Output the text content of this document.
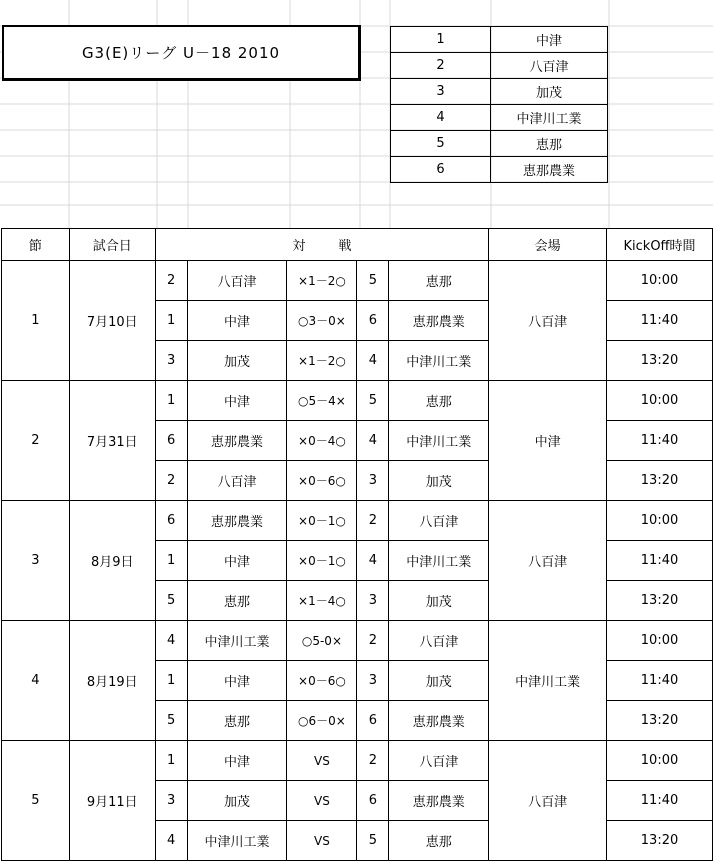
G3(E)リーグ U－18 2010
1	中津
2	八百津
3	加茂
4	中津川工業
5	恵那
6	恵那農業
節	試合日	対 戦					会場	KickOff時間
1	7月10日	2	八百津	×1－2○	5	恵那	八百津	10:00
		1	中津	○3－0×	6	恵那農業		11:40
		3	加茂	×1－2○	4	中津川工業		13:20
2	7月31日	1	中津	○5－4×	5	恵那	中津	10:00
		6	恵那農業	×0－4○	4	中津川工業		11:40
		2	八百津	×0－6○	3	加茂		13:20
3	8月9日	6	恵那農業	×0－1○	2	八百津	八百津	10:00
		1	中津	×0－1○	4	中津川工業		11:40
		5	恵那	×1－4○	3	加茂		13:20
4	8月19日	4	中津川工業	○5-0×	2	八百津	中津川工業	10:00
		1	中津	×0－6○	3	加茂		11:40
		5	恵那	○6－0×	6	恵那農業		13:20
5	9月11日	1	中津	VS	2	八百津	八百津	10:00
		3	加茂	VS	6	恵那農業		11:40
		4	中津川工業	VS	5	恵那		13:20
